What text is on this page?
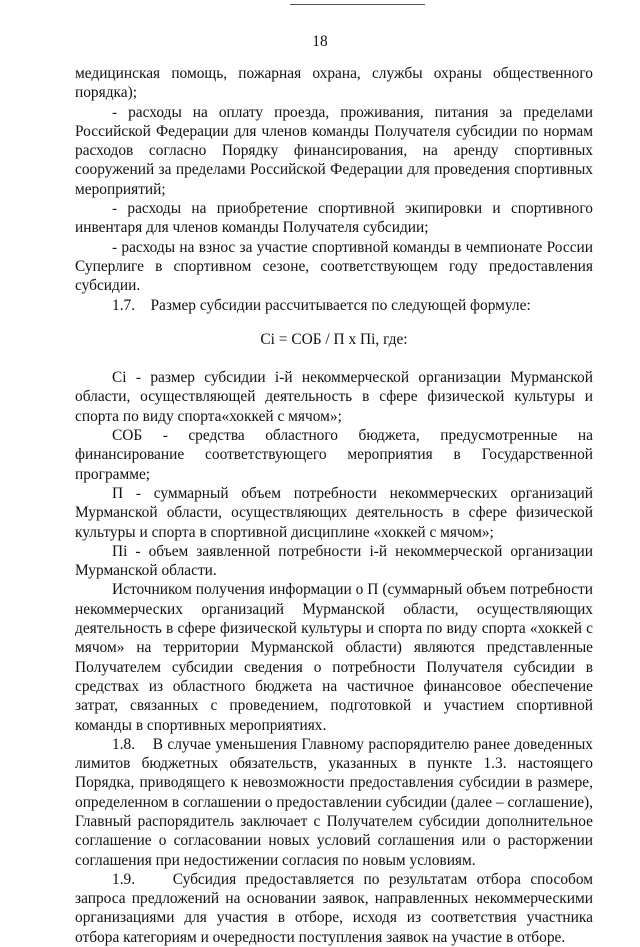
18

медицинская помощь, пожарная охрана, службы охраны общественного порядка);

- расходы на оплату проезда, проживания, питания за пределами Российской Федерации для членов команды Получателя субсидии по нормам расходов согласно Порядку финансирования, на аренду спортивных сооружений за пределами Российской Федерации для проведения спортивных мероприятий;

- расходы на приобретение спортивной экипировки и спортивного инвентаря для членов команды Получателя субсидии;

- расходы на взнос за участие спортивной команды в чемпионате России Суперлиге в спортивном сезоне, соответствующем году предоставления субсидии.

1.7.    Размер субсидии рассчитывается по следующей формуле:

Ci = СОБ / П х Пi, где:

Ci - размер субсидии i-й некоммерческой организации Мурманской области, осуществляющей деятельность в сфере физической культуры и спорта по виду спорта«хоккей с мячом»;

СОБ - средства областного бюджета, предусмотренные на финансирование соответствующего мероприятия в Государственной программе;

П - суммарный объем потребности некоммерческих организаций Мурманской области, осуществляющих деятельность в сфере физической культуры и спорта в спортивной дисциплине «хоккей с мячом»;

Пi - объем заявленной потребности i-й некоммерческой организации Мурманской области.

Источником получения информации о П (суммарный объем потребности некоммерческих организаций Мурманской области, осуществляющих деятельность в сфере физической культуры и спорта по виду спорта «хоккей с мячом» на территории Мурманской области) являются представленные Получателем субсидии сведения о потребности Получателя субсидии в средствах из областного бюджета на частичное финансовое обеспечение затрат, связанных с проведением, подготовкой и участием спортивной команды в спортивных мероприятиях.

1.8.    В случае уменьшения Главному распорядителю ранее доведенных лимитов бюджетных обязательств, указанных в пункте 1.3. настоящего Порядка, приводящего к невозможности предоставления субсидии в размере, определенном в соглашении о предоставлении субсидии (далее – соглашение), Главный распорядитель заключает с Получателем субсидии дополнительное соглашение о согласовании новых условий соглашения или о расторжении соглашения при недостижении согласия по новым условиям.

1.9.    Субсидия предоставляется по результатам отбора способом запроса предложений на основании заявок, направленных некоммерческими организациями для участия в отборе, исходя из соответствия участника отбора категориям и очередности поступления заявок на участие в отборе.
